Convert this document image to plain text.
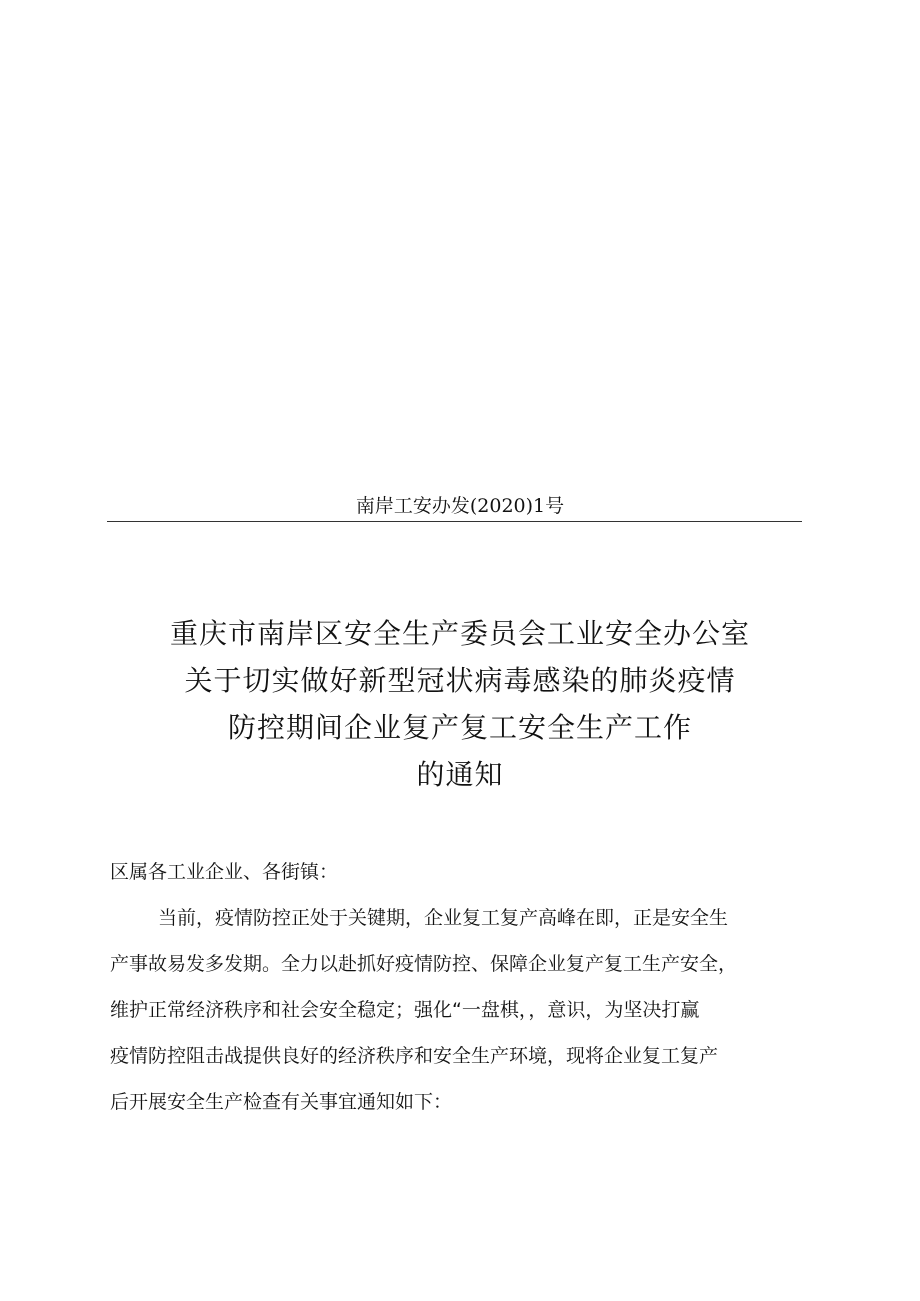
南岸工安办发(2020)1号
重庆市南岸区安全生产委员会工业安全办公室
关于切实做好新型冠状病毒感染的肺炎疫情
防控期间企业复产复工安全生产工作
的通知
区属各工业企业、各街镇：
当前，疫情防控正处于关键期，企业复工复产高峰在即，正是安全生
产事故易发多发期。全力以赴抓好疫情防控、保障企业复产复工生产安全，
维护正常经济秩序和社会安全稳定；强化“一盘棋，，意识，为坚决打赢
疫情防控阻击战提供良好的经济秩序和安全生产环境，现将企业复工复产
后开展安全生产检查有关事宜通知如下：
